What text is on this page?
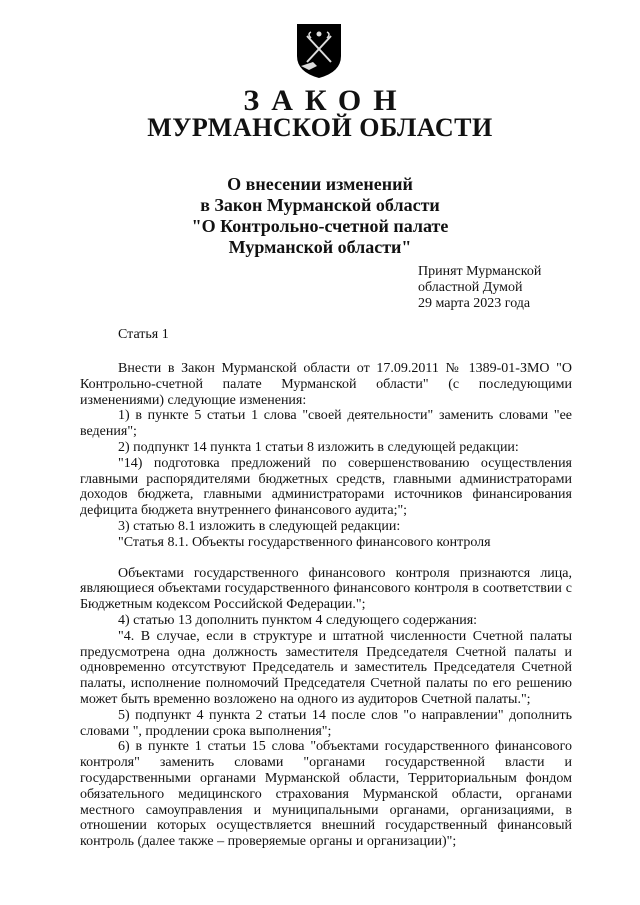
ЗАКОН
МУРМАНСКОЙ ОБЛАСТИ
О внесении изменений
в Закон Мурманской области
"О Контрольно-счетной палате
Мурманской области"
Принят Мурманской
областной Думой
29 марта 2023 года
Статья 1

Внести в Закон Мурманской области от 17.09.2011 № 1389-01-ЗМО "О Контрольно-счетной палате Мурманской области" (с последующими изменениями) следующие изменения:

1) в пункте 5 статьи 1 слова "своей деятельности" заменить словами "ее ведения";

2) подпункт 14 пункта 1 статьи 8 изложить в следующей редакции:

"14) подготовка предложений по совершенствованию осуществления главными распорядителями бюджетных средств, главными администраторами доходов бюджета, главными администраторами источников финансирования дефицита бюджета внутреннего финансового аудита;";

3) статью 8.1 изложить в следующей редакции:

"Статья 8.1. Объекты государственного финансового контроля

Объектами государственного финансового контроля признаются лица, являющиеся объектами государственного финансового контроля в соответствии с Бюджетным кодексом Российской Федерации.";

4) статью 13 дополнить пунктом 4 следующего содержания:

"4. В случае, если в структуре и штатной численности Счетной палаты предусмотрена одна должность заместителя Председателя Счетной палаты и одновременно отсутствуют Председатель и заместитель Председателя Счетной палаты, исполнение полномочий Председателя Счетной палаты по его решению может быть временно возложено на одного из аудиторов Счетной палаты.";

5) подпункт 4 пункта 2 статьи 14 после слов "о направлении" дополнить словами ", продлении срока выполнения";

6) в пункте 1 статьи 15 слова "объектами государственного финансового контроля" заменить словами "органами государственной власти и государственными органами Мурманской области, Территориальным фондом обязательного медицинского страхования Мурманской области, органами местного самоуправления и муниципальными органами, организациями, в отношении которых осуществляется внешний государственный финансовый контроль (далее также – проверяемые органы и организации)";
